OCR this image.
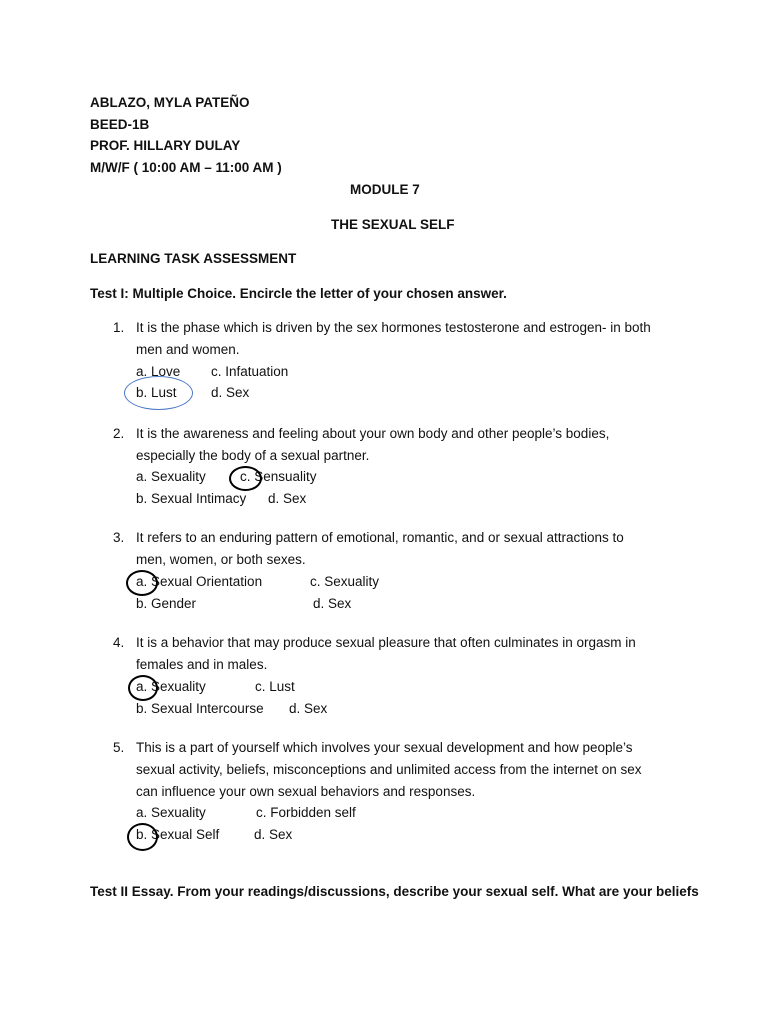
ABLAZO, MYLA PATEÑO
BEED-1B
PROF. HILLARY DULAY
M/W/F ( 10:00 AM – 11:00 AM )
MODULE 7
THE SEXUAL SELF
LEARNING TASK ASSESSMENT
Test I: Multiple Choice. Encircle the letter of your chosen answer.
1. It is the phase which is driven by the sex hormones testosterone and estrogen- in both
men and women.
a. Love c. Infatuation
b. Lust	d. Sex
2. It is the awareness and feeling about your own body and other people’s bodies,
especially the body of a sexual partner.
a. Sexuality	c. Sensuality
b. Sexual Intimacy d. Sex
3. It refers to an enduring pattern of emotional, romantic, and or sexual attractions to
men, women, or both sexes.
a. Sexual Orientation	c. Sexuality
b. Gender	d. Sex
4. It is a behavior that may produce sexual pleasure that often culminates in orgasm in
females and in males.
a. Sexuality	c. Lust
b. Sexual Intercourse d. Sex
5. This is a part of yourself which involves your sexual development and how people’s
sexual activity, beliefs, misconceptions and unlimited access from the internet on sex
can influence your own sexual behaviors and responses.
a. Sexuality	c. Forbidden self
b. Sexual Self	d. Sex
Test II Essay. From your readings/discussions, describe your sexual self. What are your beliefs
